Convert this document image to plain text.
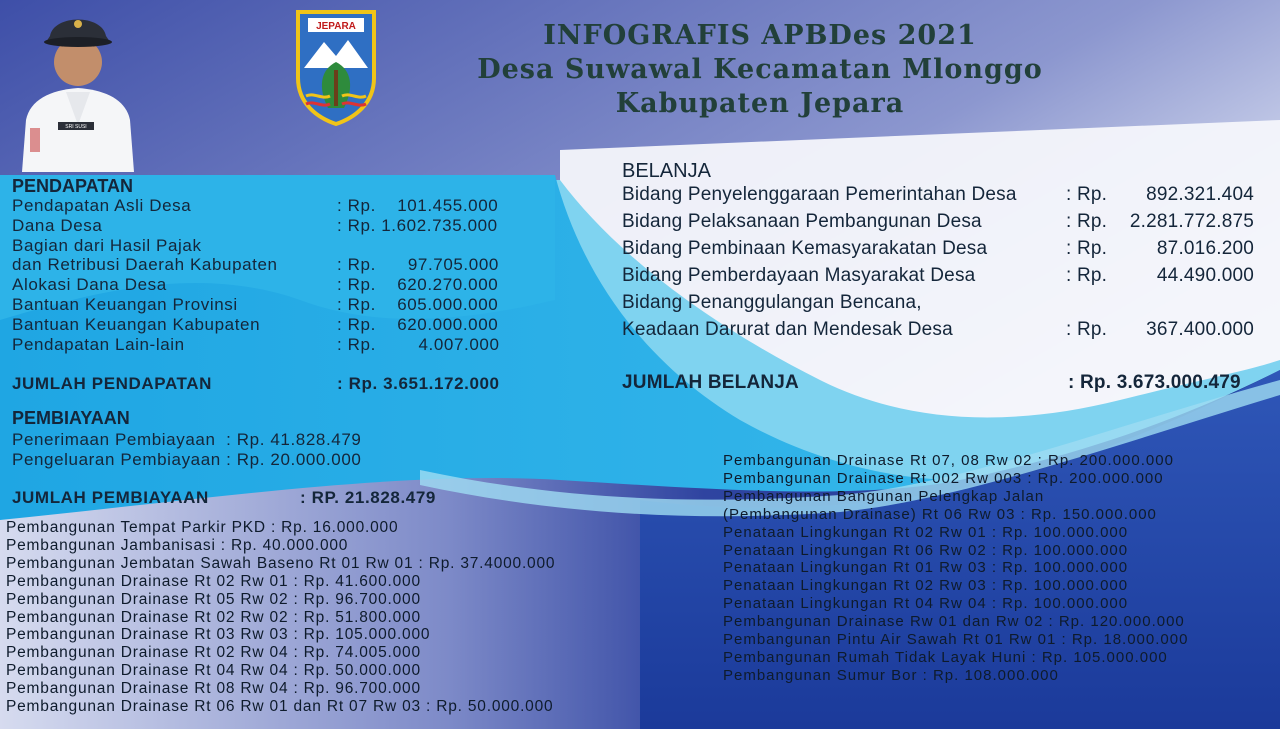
SRI SUSI
JEPARA	INFOGRAFIS APBDes 2021
Desa Suwawal Kecamatan Mlonggo
Kabupaten Jepara
PENDAPATAN
Pendapatan Asli Desa	: Rp.    101.455.000
Dana Desa	: Rp. 1.602.735.000
Bagian dari Hasil Pajak
dan Retribusi Daerah Kabupaten	: Rp.      97.705.000
Alokasi Dana Desa	: Rp.    620.270.000
Bantuan Keuangan Provinsi	: Rp.    605.000.000
Bantuan Keuangan Kabupaten	: Rp.    620.000.000
Pendapatan Lain-lain	: Rp.        4.007.000
JUMLAH PENDAPATAN	: Rp. 3.651.172.000
PEMBIAYAAN
Penerimaan Pembiayaan  : Rp. 41.828.479
Pengeluaran Pembiayaan : Rp. 20.000.000
JUMLAH PEMBIAYAAN	: RP. 21.828.479
BELANJA
Bidang Penyelenggaraan Pemerintahan Desa	: Rp. 892.321.404
Bidang Pelaksanaan Pembangunan Desa	: Rp. 2.281.772.875
Bidang Pembinaan Kemasyarakatan Desa	: Rp.	87.016.200
Bidang Pemberdayaan Masyarakat Desa	: Rp.	44.490.000
Bidang Penanggulangan Bencana,
Keadaan Darurat dan Mendesak Desa	: Rp. 367.400.000
JUMLAH BELANJA	: Rp. 3.673.000.479
Pembangunan Tempat Parkir PKD : Rp. 16.000.000
Pembangunan Jambanisasi : Rp. 40.000.000
Pembangunan Jembatan Sawah Baseno Rt 01 Rw 01 : Rp. 37.4000.000
Pembangunan Drainase Rt 02 Rw 01 : Rp. 41.600.000
Pembangunan Drainase Rt 05 Rw 02 : Rp. 96.700.000
Pembangunan Drainase Rt 02 Rw 02 : Rp. 51.800.000
Pembangunan Drainase Rt 03 Rw 03 : Rp. 105.000.000
Pembangunan Drainase Rt 02 Rw 04 : Rp. 74.005.000
Pembangunan Drainase Rt 04 Rw 04 : Rp. 50.000.000
Pembangunan Drainase Rt 08 Rw 04 : Rp. 96.700.000
Pembangunan Drainase Rt 06 Rw 01 dan Rt 07 Rw 03 : Rp. 50.000.000
Pembangunan Drainase Rt 07, 08 Rw 02 : Rp. 200.000.000
Pembangunan Drainase Rt 002 Rw 003 : Rp. 200.000.000
Pembangunan Bangunan Pelengkap Jalan
(Pembangunan Drainase) Rt 06 Rw 03 : Rp. 150.000.000
Penataan Lingkungan Rt 02 Rw 01 : Rp. 100.000.000
Penataan Lingkungan Rt 06 Rw 02 : Rp. 100.000.000
Penataan Lingkungan Rt 01 Rw 03 : Rp. 100.000.000
Penataan Lingkungan Rt 02 Rw 03 : Rp. 100.000.000
Penataan Lingkungan Rt 04 Rw 04 : Rp. 100.000.000
Pembangunan Drainase Rw 01 dan Rw 02 : Rp. 120.000.000
Pembangunan Pintu Air Sawah Rt 01 Rw 01 : Rp. 18.000.000
Pembangunan Rumah Tidak Layak Huni : Rp. 105.000.000
Pembangunan Sumur Bor : Rp. 108.000.000
